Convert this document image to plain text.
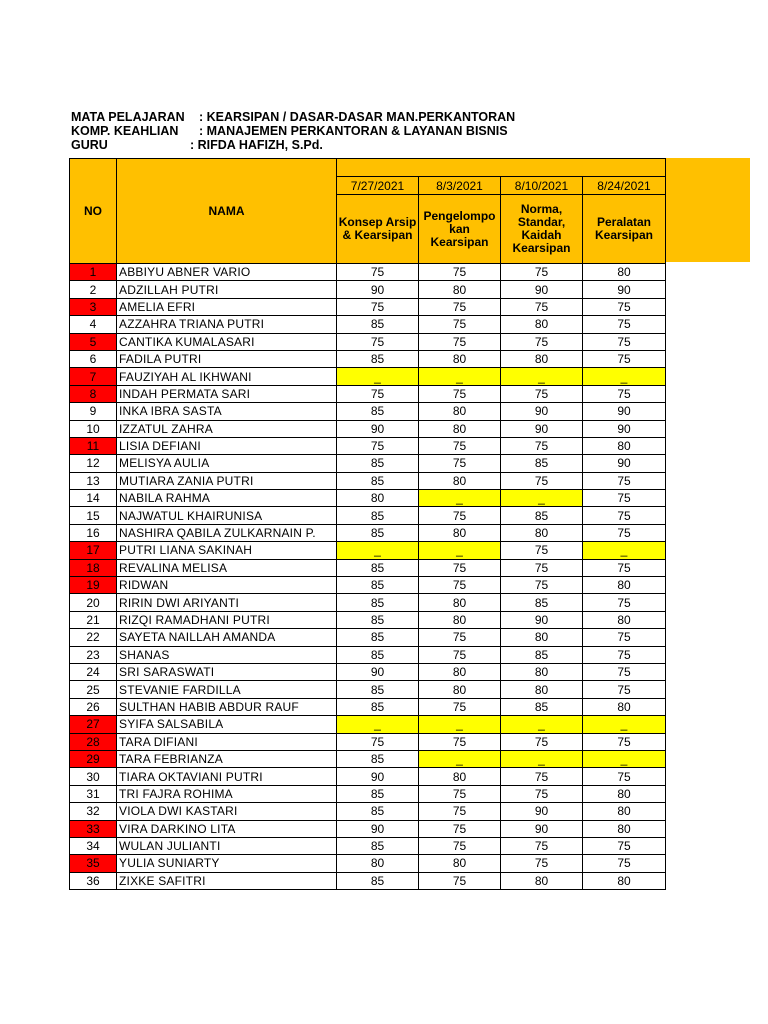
MATA PELAJARAN : KEARSIPAN / DASAR-DASAR MAN.PERKANTORAN
KOMP. KEAHLIAN : MANAJEMEN PERKANTORAN & LAYANAN BISNIS
GURU	: RIFDA HAFIZH, S.Pd.
NO	NAMA				
		7/27/2021	8/3/2021	8/10/2021	8/24/2021
		Konsep Arsip & Kearsipan	Pengelompo kan Kearsipan	Norma, Standar, Kaidah Kearsipan	Peralatan Kearsipan
1	ABBIYU ABNER VARIO	75	75	75	80
2	ADZILLAH PUTRI	90	80	90	90
3	AMELIA EFRI	75	75	75	75
4	AZZAHRA TRIANA PUTRI	85	75	80	75
5	CANTIKA KUMALASARI	75	75	75	75
6	FADILA PUTRI	85	80	80	75
7	FAUZIYAH AL IKHWANI	_	_	_	_
8	INDAH PERMATA SARI	75	75	75	75
9	INKA IBRA SASTA	85	80	90	90
10	IZZATUL ZAHRA	90	80	90	90
11	LISIA DEFIANI	75	75	75	80
12	MELISYA AULIA	85	75	85	90
13	MUTIARA ZANIA PUTRI	85	80	75	75
14	NABILA RAHMA	80	_	_	75
15	NAJWATUL KHAIRUNISA	85	75	85	75
16	NASHIRA QABILA ZULKARNAIN P.	85	80	80	75
17	PUTRI LIANA SAKINAH	_	_	75	_
18	REVALINA MELISA	85	75	75	75
19	RIDWAN	85	75	75	80
20	RIRIN DWI ARIYANTI	85	80	85	75
21	RIZQI RAMADHANI PUTRI	85	80	90	80
22	SAYETA NAILLAH AMANDA	85	75	80	75
23	SHANAS	85	75	85	75
24	SRI SARASWATI	90	80	80	75
25	STEVANIE FARDILLA	85	80	80	75
26	SULTHAN HABIB ABDUR RAUF	85	75	85	80
27	SYIFA SALSABILA	_	_	_	_
28	TARA DIFIANI	75	75	75	75
29	TARA FEBRIANZA	85	_	_	_
30	TIARA OKTAVIANI PUTRI	90	80	75	75
31	TRI FAJRA ROHIMA	85	75	75	80
32	VIOLA DWI KASTARI	85	75	90	80
33	VIRA DARKINO LITA	90	75	90	80
34	WULAN JULIANTI	85	75	75	75
35	YULIA SUNIARTY	80	80	75	75
36	ZIXKE SAFITRI	85	75	80	80
